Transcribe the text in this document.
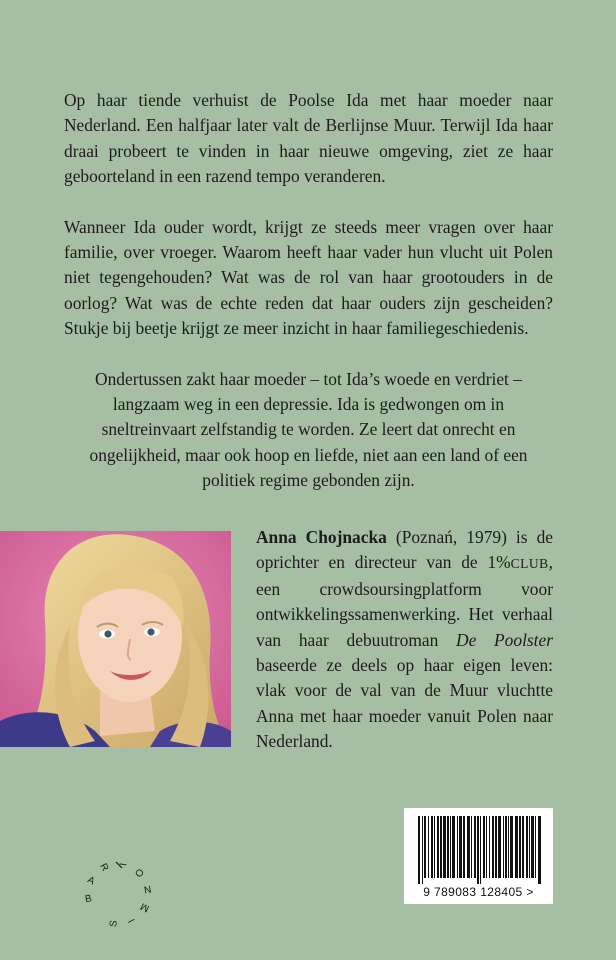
Op haar tiende verhuist de Poolse Ida met haar moeder naar Nederland. Een halfjaar later valt de Berlijnse Muur. Terwijl Ida haar draai probeert te vinden in haar nieuwe omgeving, ziet ze haar geboorteland in een razend tempo veranderen.

Wanneer Ida ouder wordt, krijgt ze steeds meer vragen over haar familie, over vroeger. Waarom heeft haar vader hun vlucht uit Polen niet tegengehouden? Wat was de rol van haar grootouders in de oorlog? Wat was de echte reden dat haar ouders zijn gescheiden? Stukje bij beetje krijgt ze meer inzicht in haar familiegeschiedenis.

Ondertussen zakt haar moeder – tot Ida’s woede en verdriet – langzaam weg in een depressie. Ida is gedwongen om in sneltreinvaart zelfstandig te worden. Ze leert dat onrecht en ongelijkheid, maar ook hoop en liefde, niet aan een land of een politiek regime gebonden zijn.

Anna Chojnacka (Poznań, 1979) is de oprichter en directeur van de 1%CLUB, een crowdsoursingplatform voor ontwikkelingssamenwerking. Het verhaal van haar debuutroman De Poolster baseerde ze deels op haar eigen leven: vlak voor de val van de Muur vluchtte Anna met haar moeder vanuit Polen naar Nederland.

9 789083 128405 >
B
A
R I
O
N
M
I
S
